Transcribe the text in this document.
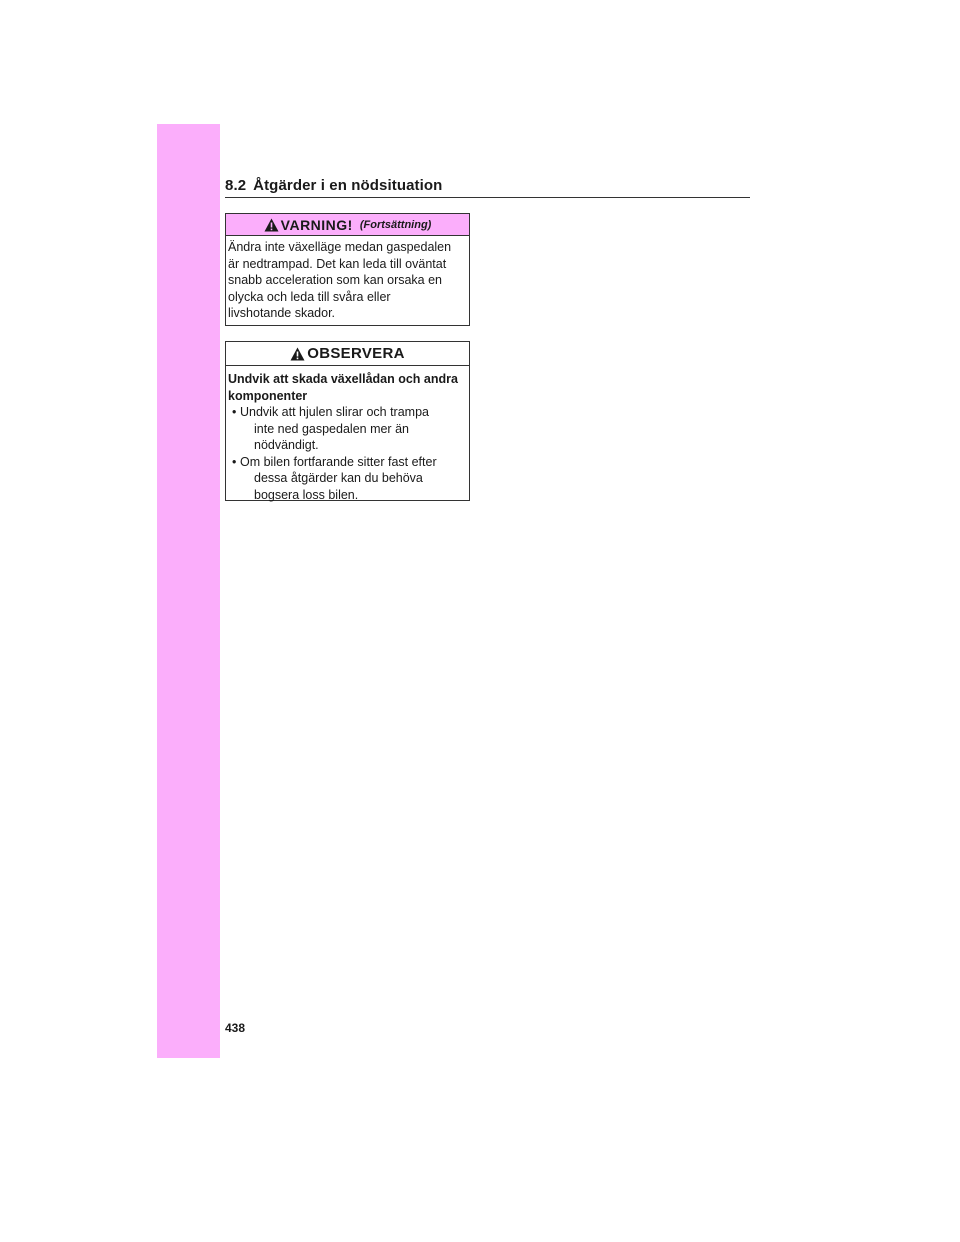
8.2 Åtgärder i en nödsituation
VARNING! (Fortsättning)
Ändra inte växelläge medan gaspedalen
är nedtrampad. Det kan leda till oväntat
snabb acceleration som kan orsaka en
olycka och leda till svåra eller
livshotande skador.
OBSERVERA
Undvik att skada växellådan och andra
komponenter
• Undvik att hjulen slirar och trampa
inte ned gaspedalen mer än
nödvändigt.
• Om bilen fortfarande sitter fast efter
dessa åtgärder kan du behöva
bogsera loss bilen.
438
